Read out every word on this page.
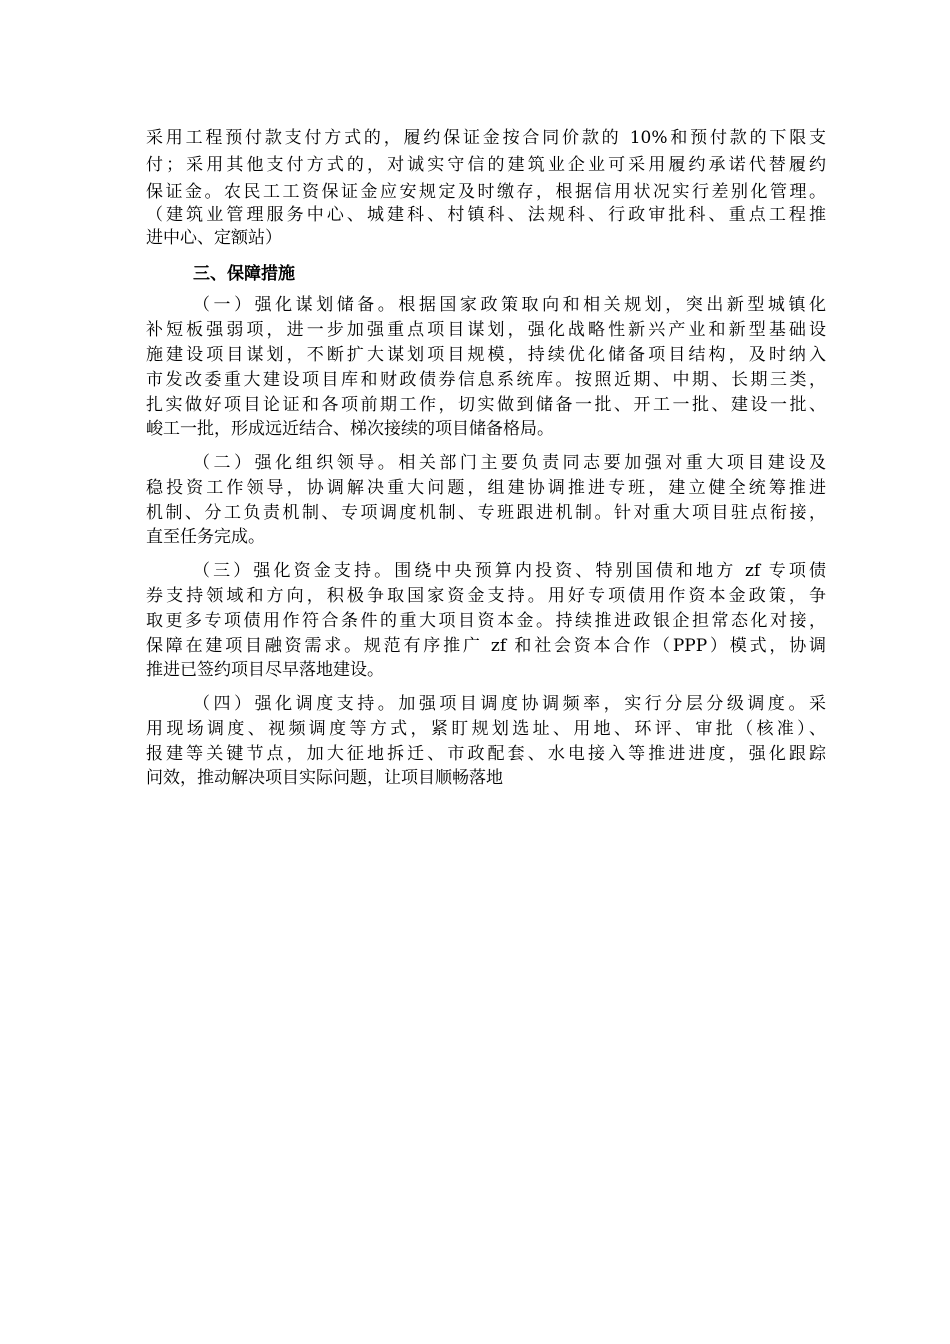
采用工程预付款支付方式的，履约保证金按合同价款的 10%和预付款的下限支
付；采用其他支付方式的，对诚实守信的建筑业企业可采用履约承诺代替履约
保证金。农民工工资保证金应安规定及时缴存，根据信用状况实行差别化管理。
（建筑业管理服务中心、城建科、村镇科、法规科、行政审批科、重点工程推
进中心、定额站）
三、保障措施
（一）强化谋划储备。根据国家政策取向和相关规划，突出新型城镇化
补短板强弱项，进一步加强重点项目谋划，强化战略性新兴产业和新型基础设
施建设项目谋划，不断扩大谋划项目规模，持续优化储备项目结构，及时纳入
市发改委重大建设项目库和财政债券信息系统库。按照近期、中期、长期三类，
扎实做好项目论证和各项前期工作，切实做到储备一批、开工一批、建设一批、
峻工一批，形成远近结合、梯次接续的项目储备格局。
（二）强化组织领导。相关部门主要负责同志要加强对重大项目建设及
稳投资工作领导，协调解决重大问题，组建协调推进专班，建立健全统筹推进
机制、分工负责机制、专项调度机制、专班跟进机制。针对重大项目驻点衔接，
直至任务完成。
（三）强化资金支持。围绕中央预算内投资、特别国债和地方 zf 专项债
券支持领域和方向，积极争取国家资金支持。用好专项债用作资本金政策，争
取更多专项债用作符合条件的重大项目资本金。持续推进政银企担常态化对接，
保障在建项目融资需求。规范有序推广 zf 和社会资本合作（PPP）模式，协调
推进已签约项目尽早落地建设。
（四）强化调度支持。加强项目调度协调频率，实行分层分级调度。采
用现场调度、视频调度等方式，紧盯规划选址、用地、环评、审批（核准）、
报建等关键节点，加大征地拆迁、市政配套、水电接入等推进进度，强化跟踪
问效，推动解决项目实际问题，让项目顺畅落地
